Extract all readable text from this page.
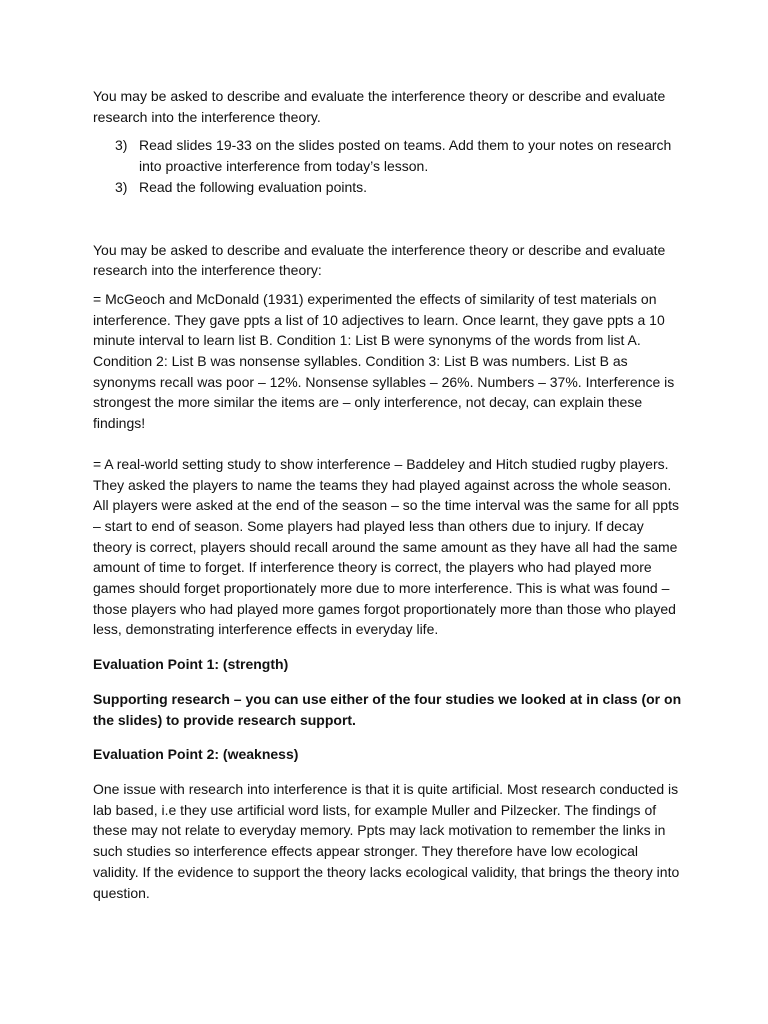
You may be asked to describe and evaluate the interference theory or describe and evaluate research into the interference theory.

3) Read slides 19-33 on the slides posted on teams. Add them to your notes on research into proactive interference from today’s lesson.
3) Read the following evaluation points.

You may be asked to describe and evaluate the interference theory or describe and evaluate research into the interference theory:

= McGeoch and McDonald (1931) experimented the effects of similarity of test materials on interference. They gave ppts a list of 10 adjectives to learn. Once learnt, they gave ppts a 10 minute interval to learn list B. Condition 1: List B were synonyms of the words from list A. Condition 2: List B was nonsense syllables. Condition 3: List B was numbers. List B as synonyms recall was poor – 12%. Nonsense syllables – 26%. Numbers – 37%. Interference is strongest the more similar the items are – only interference, not decay, can explain these findings!

= A real-world setting study to show interference – Baddeley and Hitch studied rugby players. They asked the players to name the teams they had played against across the whole season. All players were asked at the end of the season – so the time interval was the same for all ppts – start to end of season. Some players had played less than others due to injury. If decay theory is correct, players should recall around the same amount as they have all had the same amount of time to forget. If interference theory is correct, the players who had played more games should forget proportionately more due to more interference. This is what was found – those players who had played more games forgot proportionately more than those who played less, demonstrating interference effects in everyday life.

Evaluation Point 1: (strength)

Supporting research – you can use either of the four studies we looked at in class (or on the slides) to provide research support.

Evaluation Point 2: (weakness)

One issue with research into interference is that it is quite artificial. Most research conducted is lab based, i.e they use artificial word lists, for example Muller and Pilzecker. The findings of these may not relate to everyday memory. Ppts may lack motivation to remember the links in such studies so interference effects appear stronger. They therefore have low ecological validity. If the evidence to support the theory lacks ecological validity, that brings the theory into question.
